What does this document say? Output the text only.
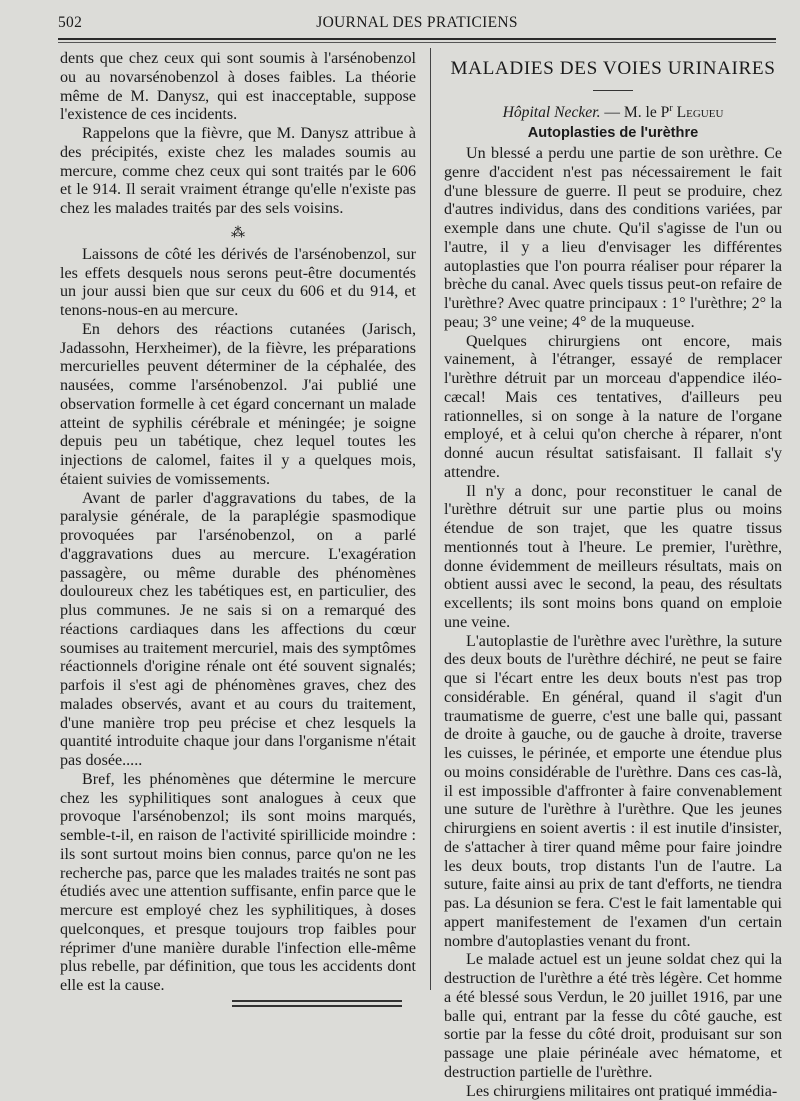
502	JOURNAL DES PRATICIENS

dents que chez ceux qui sont soumis à l'arsénobenzol ou au novarsénobenzol à doses faibles. La théorie même de M. Danysz, qui est inacceptable, suppose l'existence de ces incidents.

Rappelons que la fièvre, que M. Danysz attribue à des précipités, existe chez les malades soumis au mercure, comme chez ceux qui sont traités par le 606 et le 914. Il serait vraiment étrange qu'elle n'existe pas chez les malades traités par des sels voisins.

⁂

Laissons de côté les dérivés de l'arsénobenzol, sur les effets desquels nous serons peut-être documentés un jour aussi bien que sur ceux du 606 et du 914, et tenons-nous-en au mercure.

En dehors des réactions cutanées (Jarisch, Jadassohn, Herxheimer), de la fièvre, les préparations mercurielles peuvent déterminer de la céphalée, des nausées, comme l'arsénobenzol. J'ai publié une observation formelle à cet égard concernant un malade atteint de syphilis cérébrale et méningée; je soigne depuis peu un tabétique, chez lequel toutes les injections de calomel, faites il y a quelques mois, étaient suivies de vomissements.

Avant de parler d'aggravations du tabes, de la paralysie générale, de la paraplégie spasmodique provoquées par l'arsénobenzol, on a parlé d'aggravations dues au mercure. L'exagération passagère, ou même durable des phénomènes douloureux chez les tabétiques est, en particulier, des plus communes. Je ne sais si on a remarqué des réactions cardiaques dans les affections du cœur soumises au traitement mercuriel, mais des symptômes réactionnels d'origine rénale ont été souvent signalés; parfois il s'est agi de phénomènes graves, chez des malades observés, avant et au cours du traitement, d'une manière trop peu précise et chez lesquels la quantité introduite chaque jour dans l'organisme n'était pas dosée.....

Bref, les phénomènes que détermine le mercure chez les syphilitiques sont analogues à ceux que provoque l'arsénobenzol; ils sont moins marqués, semble-t-il, en raison de l'activité spirillicide moindre : ils sont surtout moins bien connus, parce qu'on ne les recherche pas, parce que les malades traités ne sont pas étudiés avec une attention suffisante, enfin parce que le mercure est employé chez les syphilitiques, à doses quelconques, et presque toujours trop faibles pour réprimer d'une manière durable l'infection elle-même plus rebelle, par définition, que tous les accidents dont elle est la cause.

MALADIES DES VOIES URINAIRES
Hôpital Necker. — M. le $P^r$ Legueu
Autoplasties de l'urèthre

Un blessé a perdu une partie de son urèthre. Ce genre d'accident n'est pas nécessairement le fait d'une blessure de guerre. Il peut se produire, chez d'autres individus, dans des conditions variées, par exemple dans une chute. Qu'il s'agisse de l'un ou l'autre, il y a lieu d'envisager les différentes autoplasties que l'on pourra réaliser pour réparer la brèche du canal. Avec quels tissus peut-on refaire de l'urèthre? Avec quatre principaux : 1° l'urèthre; 2° la peau; 3° une veine; 4° de la muqueuse.

Quelques chirurgiens ont encore, mais vainement, à l'étranger, essayé de remplacer l'urèthre détruit par un morceau d'appendice iléo-cæcal! Mais ces tentatives, d'ailleurs peu rationnelles, si on songe à la nature de l'organe employé, et à celui qu'on cherche à réparer, n'ont donné aucun résultat satisfaisant. Il fallait s'y attendre.

Il n'y a donc, pour reconstituer le canal de l'urèthre détruit sur une partie plus ou moins étendue de son trajet, que les quatre tissus mentionnés tout à l'heure. Le premier, l'urèthre, donne évidemment de meilleurs résultats, mais on obtient aussi avec le second, la peau, des résultats excellents; ils sont moins bons quand on emploie une veine.

L'autoplastie de l'urèthre avec l'urèthre, la suture des deux bouts de l'urèthre déchiré, ne peut se faire que si l'écart entre les deux bouts n'est pas trop considérable. En général, quand il s'agit d'un traumatisme de guerre, c'est une balle qui, passant de droite à gauche, ou de gauche à droite, traverse les cuisses, le périnée, et emporte une étendue plus ou moins considérable de l'urèthre. Dans ces cas-là, il est impossible d'affronter à faire convenablement une suture de l'urèthre à l'urèthre. Que les jeunes chirurgiens en soient avertis : il est inutile d'insister, de s'attacher à tirer quand même pour faire joindre les deux bouts, trop distants l'un de l'autre. La suture, faite ainsi au prix de tant d'efforts, ne tiendra pas. La désunion se fera. C'est le fait lamentable qui appert manifestement de l'examen d'un certain nombre d'autoplasties venant du front.

Le malade actuel est un jeune soldat chez qui la destruction de l'urèthre a été très légère. Cet homme a été blessé sous Verdun, le 20 juillet 1916, par une balle qui, entrant par la fesse du côté gauche, est sortie par la fesse du côté droit, produisant sur son passage une plaie périnéale avec hématome, et destruction partielle de l'urèthre.

Les chirurgiens militaires ont pratiqué immédia-
